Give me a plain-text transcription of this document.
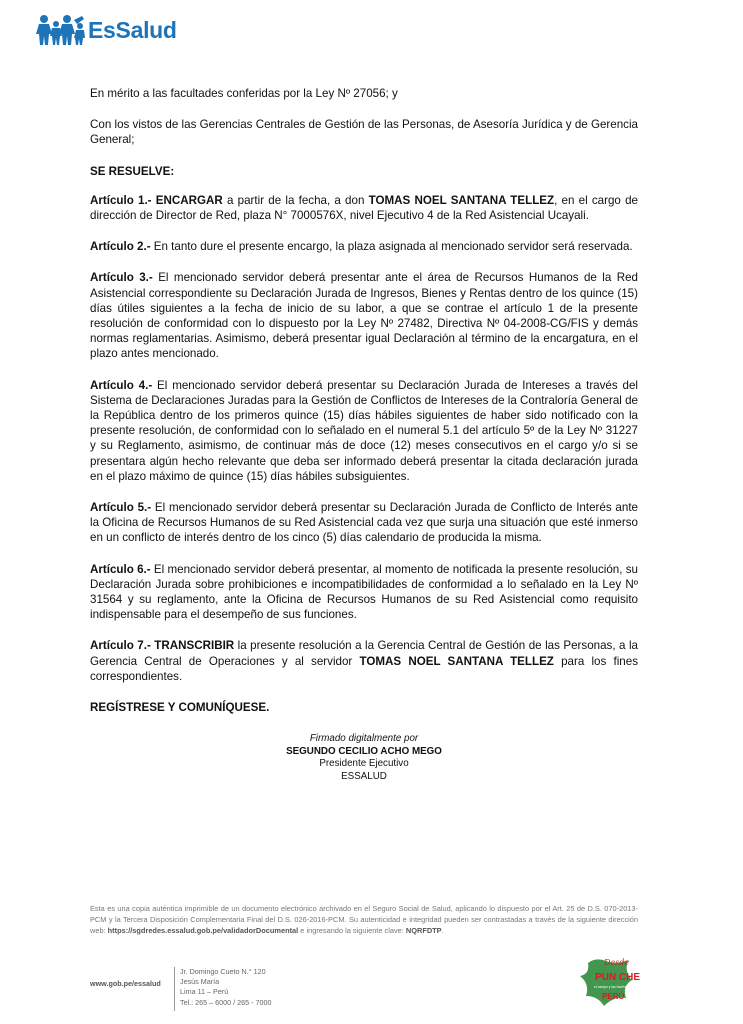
EsSalud

En mérito a las facultades conferidas por la Ley Nº 27056; y

Con los vistos de las Gerencias Centrales de Gestión de las Personas, de Asesoría Jurídica y de Gerencia General;

SE RESUELVE:

Artículo 1.- ENCARGAR a partir de la fecha, a don TOMAS NOEL SANTANA TELLEZ, en el cargo de dirección de Director de Red, plaza N° 7000576X, nivel Ejecutivo 4 de la Red Asistencial Ucayali.

Artículo 2.- En tanto dure el presente encargo, la plaza asignada al mencionado servidor será reservada.

Artículo 3.- El mencionado servidor deberá presentar ante el área de Recursos Humanos de la Red Asistencial correspondiente su Declaración Jurada de Ingresos, Bienes y Rentas dentro de los quince (15) días útiles siguientes a la fecha de inicio de su labor, a que se contrae el artículo 1 de la presente resolución de conformidad con lo dispuesto por la Ley Nº 27482, Directiva Nº 04-2008-CG/FIS y demás normas reglamentarias. Asimismo, deberá presentar igual Declaración al término de la encargatura, en el plazo antes mencionado.

Artículo 4.- El mencionado servidor deberá presentar su Declaración Jurada de Intereses a través del Sistema de Declaraciones Juradas para la Gestión de Conflictos de Intereses de la Contraloría General de la República dentro de los primeros quince (15) días hábiles siguientes de haber sido notificado con la presente resolución, de conformidad con lo señalado en el numeral 5.1 del artículo 5º de la Ley Nº 31227 y su Reglamento, asimismo, de continuar más de doce (12) meses consecutivos en el cargo y/o si se presentara algún hecho relevante que deba ser informado deberá presentar la citada declaración jurada en el plazo máximo de quince (15) días hábiles subsiguientes.

Artículo 5.- El mencionado servidor deberá presentar su Declaración Jurada de Conflicto de Interés ante la Oficina de Recursos Humanos de su Red Asistencial cada vez que surja una situación que esté inmerso en un conflicto de interés dentro de los cinco (5) días calendario de producida la misma.

Artículo 6.- El mencionado servidor deberá presentar, al momento de notificada la presente resolución, su Declaración Jurada sobre prohibiciones e incompatibilidades de conformidad a lo señalado en la Ley Nº 31564 y su reglamento, ante la Oficina de Recursos Humanos de su Red Asistencial como requisito indispensable para el desempeño de sus funciones.

Artículo 7.- TRANSCRIBIR la presente resolución a la Gerencia Central de Gestión de las Personas, a la Gerencia Central de Operaciones y al servidor TOMAS NOEL SANTANA TELLEZ para los fines correspondientes.

REGÍSTRESE Y COMUNÍQUESE.

Firmado digitalmente por
SEGUNDO CECILIO ACHO MEGO
Presidente Ejecutivo
ESSALUD
Esta es una copia auténtica imprimible de un documento electrónico archivado en el Seguro Social de Salud, aplicando lo dispuesto por el Art. 25 de D.S. 070-2013-PCM y la Tercera Disposición Complementaria Final del D.S. 026-2016-PCM. Su autenticidad e integridad pueden ser contrastadas a través de la siguiente dirección web: https://sgdredes.essalud.gob.pe/validadorDocumental e ingresando la siguiente clave: NQRFDTP.
www.gob.pe/essalud
Jr. Domingo Cueto N.° 120
Jesús María
Lima 11 – Perú
Tel.: 265 – 6000 / 265 - 7000
Desde
PUN CHE
el campo y las huertas
PERÚ
